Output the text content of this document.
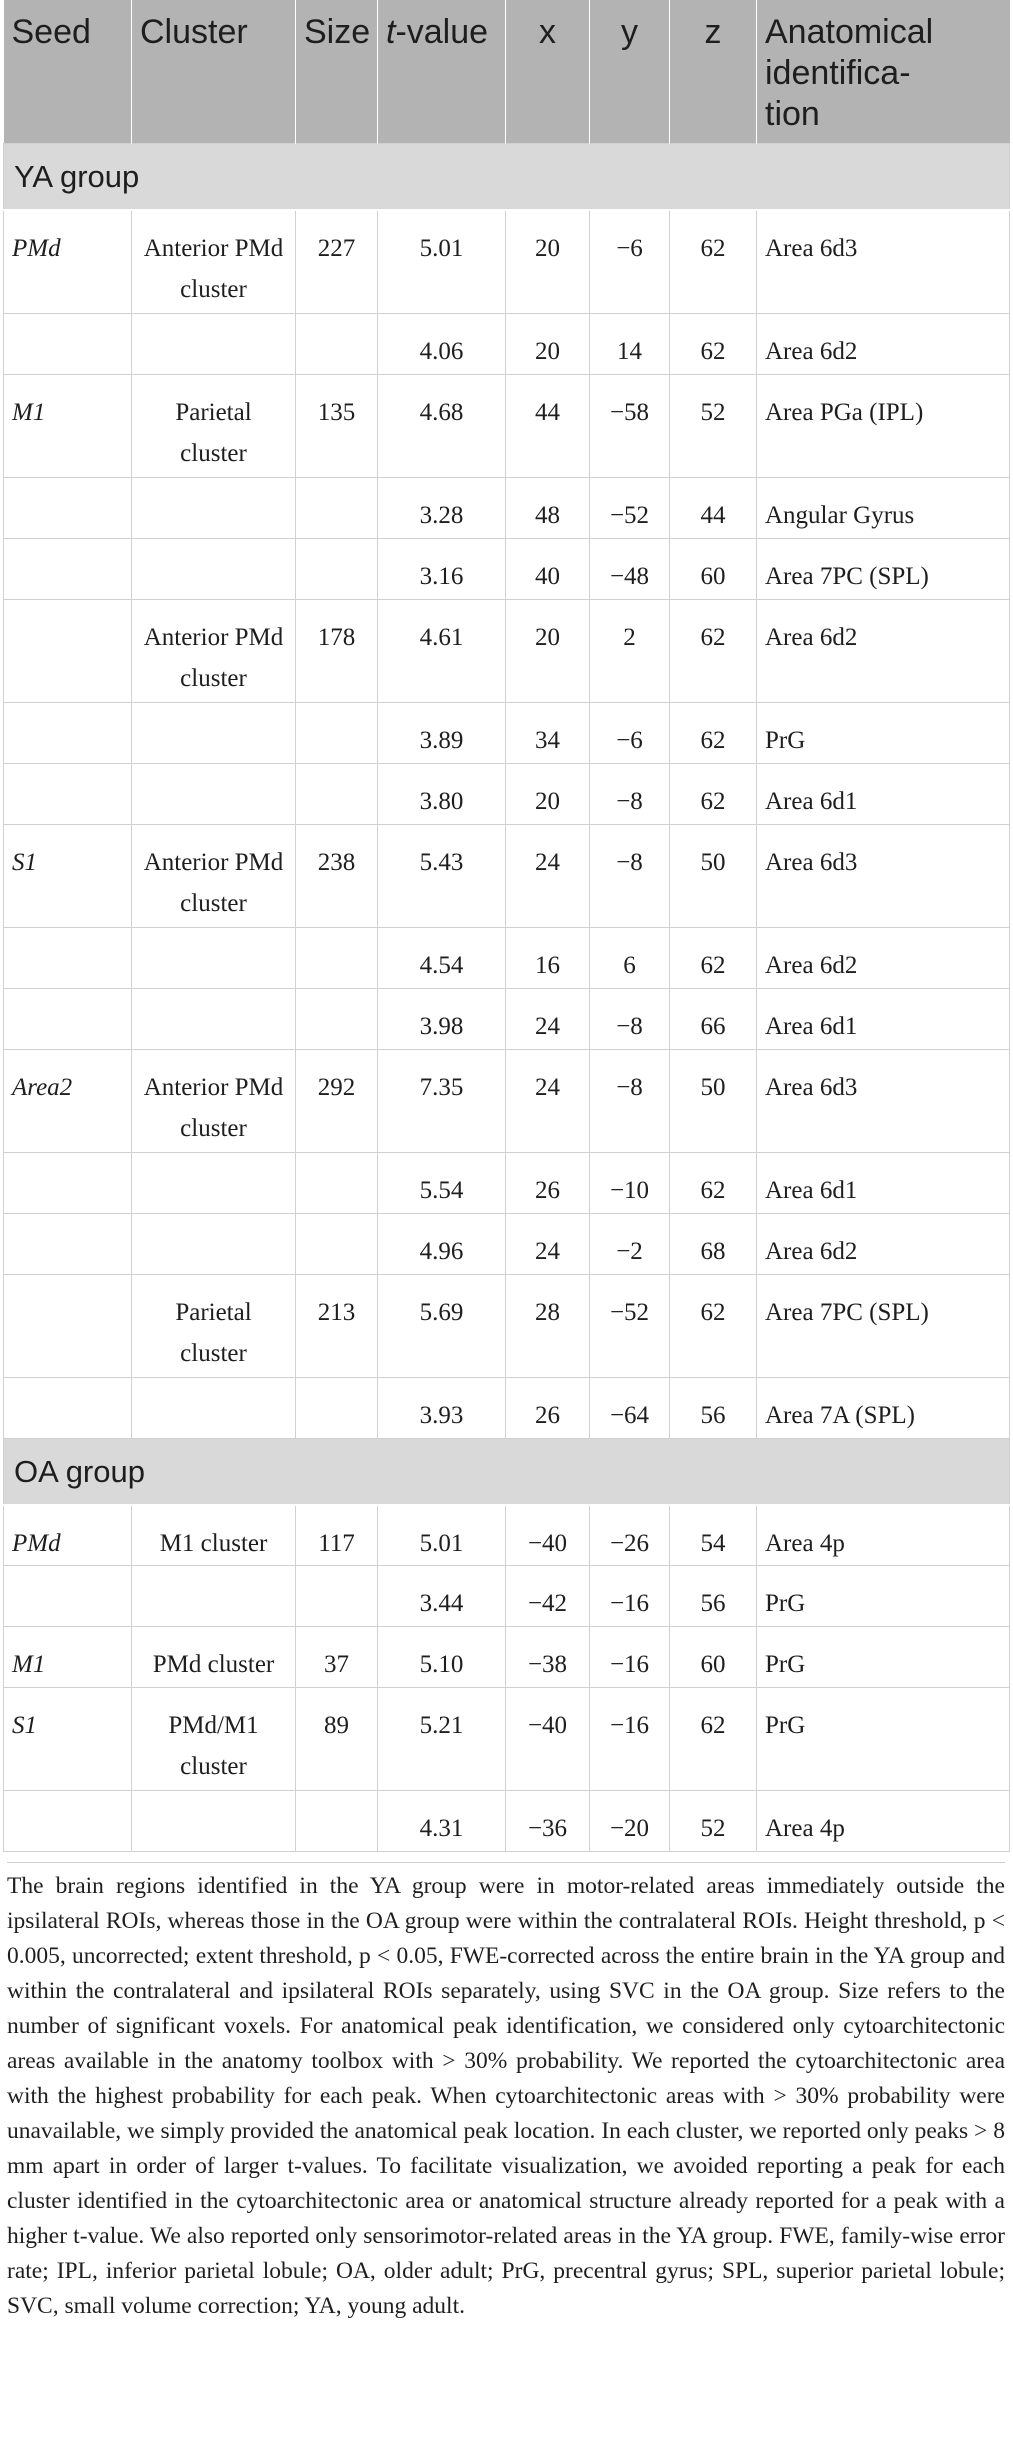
Seed	Cluster	Size	t-value	x	y	z	Anatomical
identifica-
tion
YA group							
PMd	Anterior PMd cluster	227	5.01	20	−6	62	Area 6d3
			4.06	20	14	62	Area 6d2
M1	Parietal cluster	135	4.68	44	−58	52	Area PGa (IPL)
			3.28	48	−52	44	Angular Gyrus
			3.16	40	−48	60	Area 7PC (SPL)
	Anterior PMd cluster	178	4.61	20	2	62	Area 6d2
			3.89	34	−6	62	PrG
			3.80	20	−8	62	Area 6d1
S1	Anterior PMd cluster	238	5.43	24	−8	50	Area 6d3
			4.54	16	6	62	Area 6d2
			3.98	24	−8	66	Area 6d1
Area2	Anterior PMd cluster	292	7.35	24	−8	50	Area 6d3
			5.54	26	−10	62	Area 6d1
			4.96	24	−2	68	Area 6d2
	Parietal cluster	213	5.69	28	−52	62	Area 7PC (SPL)
			3.93	26	−64	56	Area 7A (SPL)
OA group							
PMd	M1 cluster	117	5.01	−40	−26	54	Area 4p
			3.44	−42	−16	56	PrG
M1	PMd cluster	37	5.10	−38	−16	60	PrG
S1	PMd/M1 cluster	89	5.21	−40	−16	62	PrG
			4.31	−36	−20	52	Area 4p

The brain regions identified in the YA group were in motor-related areas immediately outside the ipsilateral ROIs, whereas those in the OA group were within the contralateral ROIs. Height threshold, p < 0.005, uncorrected; extent threshold, p < 0.05, FWE-corrected across the entire brain in the YA group and within the contralateral and ipsilateral ROIs separately, using SVC in the OA group. Size refers to the number of significant voxels. For anatomical peak identification, we considered only cytoarchitectonic areas available in the anatomy toolbox with > 30% probability. We reported the cytoarchitectonic area with the highest probability for each peak. When cytoarchitectonic areas with > 30% probability were unavailable, we simply provided the anatomical peak location. In each cluster, we reported only peaks > 8 mm apart in order of larger t-values. To facilitate visualization, we avoided reporting a peak for each cluster identified in the cytoarchitectonic area or anatomical structure already reported for a peak with a higher t-value. We also reported only sensorimotor-related areas in the YA group. FWE, family-wise error rate; IPL, inferior parietal lobule; OA, older adult; PrG, precentral gyrus; SPL, superior parietal lobule; SVC, small volume correction; YA, young adult.
